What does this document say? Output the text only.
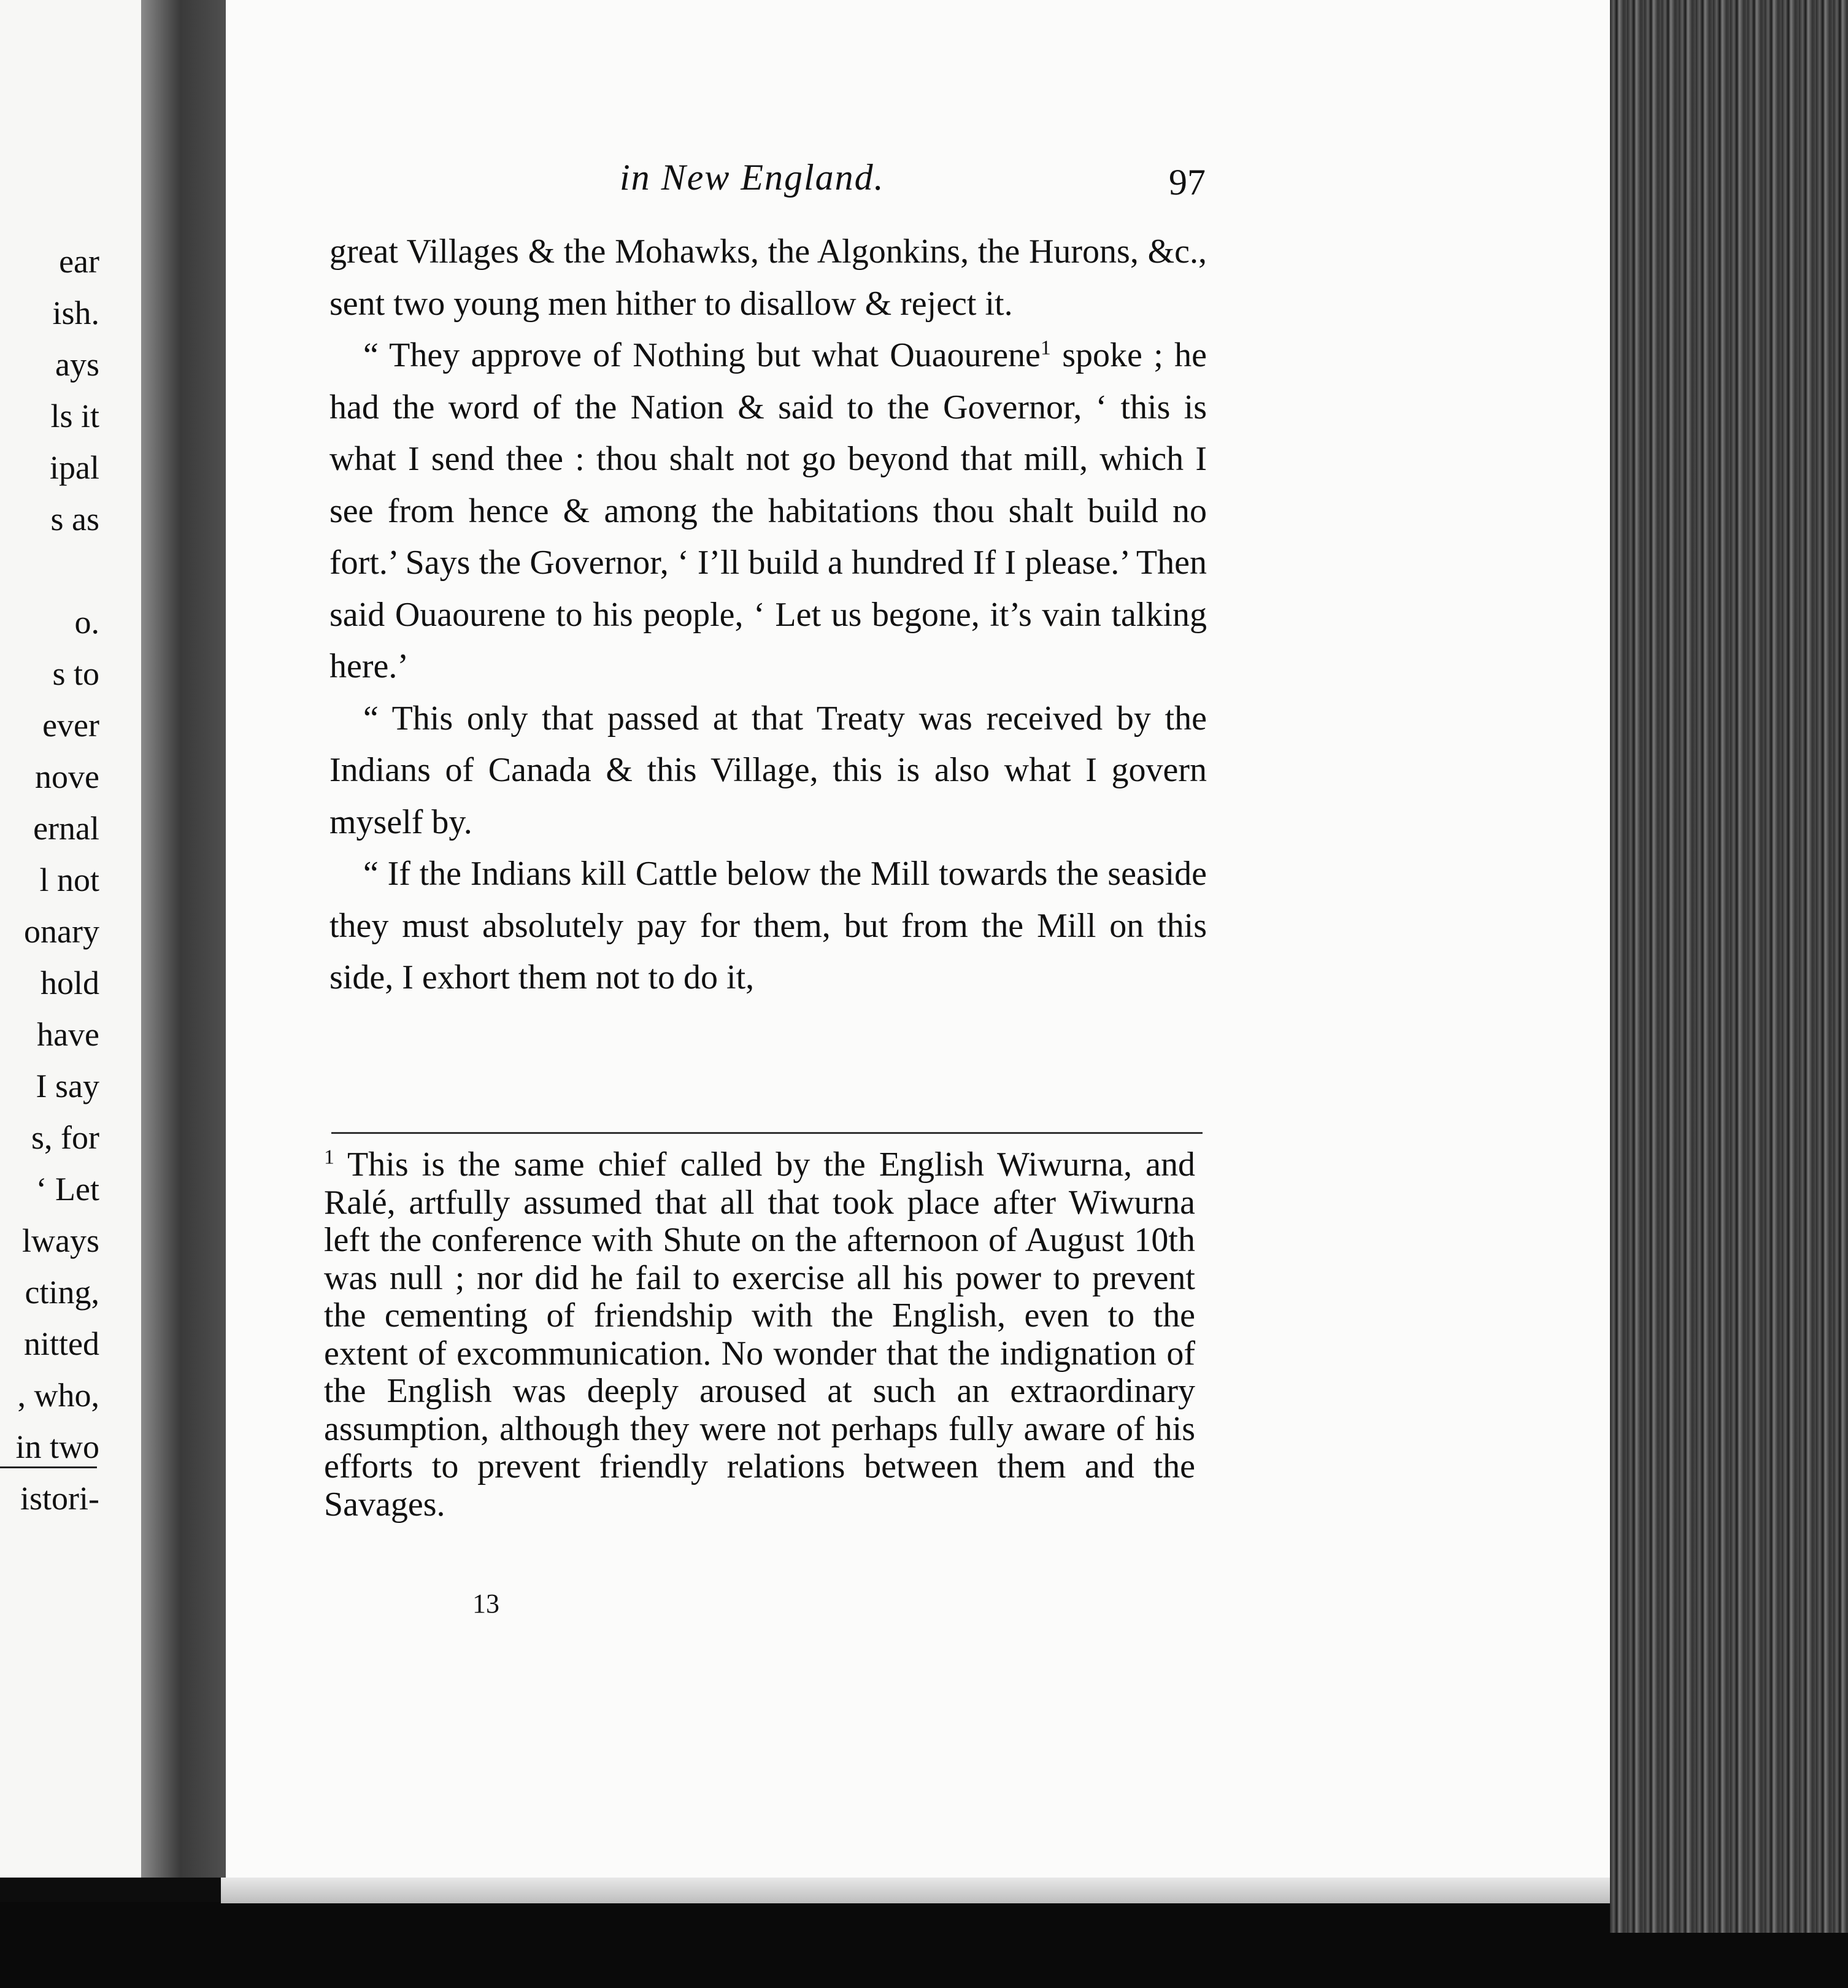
ear
ish.
ays
ls it
ipal
s as
o.
s to
ever
nove
ernal
l not
onary
hold
have
I say
s, for
‘ Let
lways
cting,
nitted
, who,
in two
istori-
in New England.	97

great Villages & the Mohawks, the Algonkins, the Hurons, &c., sent two young men hither to disallow & reject it.

“ They approve of Nothing but what Ouaourene$^1$ spoke ; he had the word of the Nation & said to the Governor, ‘ this is what I send thee : thou shalt not go beyond that mill, which I see from hence & among the habitations thou shalt build no fort.’ Says the Governor, ‘ I’ll build a hundred If I please.’ Then said Ouaourene to his people, ‘ Let us begone, it’s vain talking here.’

“ This only that passed at that Treaty was received by the Indians of Canada & this Village, this is also what I govern myself by.

“ If the Indians kill Cattle below the Mill towards the seaside they must absolutely pay for them, but from the Mill on this side, I exhort them not to do it,

$^1$ This is the same chief called by the English Wiwurna, and Ralé, artfully assumed that all that took place after Wiwurna left the conference with Shute on the afternoon of August 10th was null ; nor did he fail to exercise all his power to prevent the cementing of friendship with the English, even to the extent of excommunication. No wonder that the indignation of the English was deeply aroused at such an extraordinary assumption, although they were not perhaps fully aware of his efforts to prevent friendly relations between them and the Savages.
13
